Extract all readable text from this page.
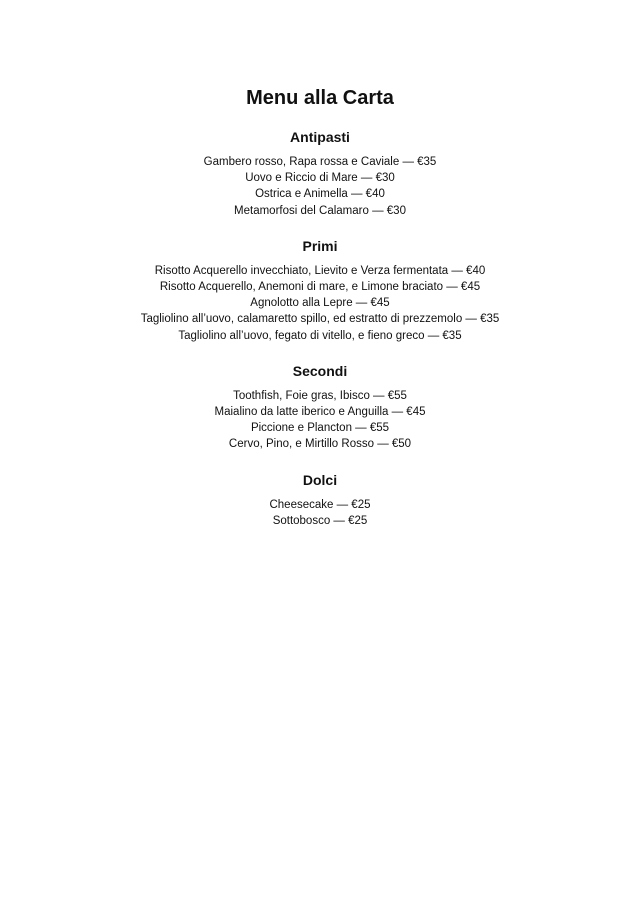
Menu alla Carta
Antipasti
Gambero rosso, Rapa rossa e Caviale — €35
Uovo e Riccio di Mare — €30
Ostrica e Animella — €40
Metamorfosi del Calamaro — €30
Primi
Risotto Acquerello invecchiato, Lievito e Verza fermentata — €40
Risotto Acquerello, Anemoni di mare, e Limone braciato — €45
Agnolotto alla Lepre — €45
Tagliolino all’uovo, calamaretto spillo, ed estratto di prezzemolo — €35
Tagliolino all’uovo, fegato di vitello, e fieno greco — €35
Secondi
Toothfish, Foie gras, Ibisco — €55
Maialino da latte iberico e Anguilla — €45
Piccione e Plancton — €55
Cervo, Pino, e Mirtillo Rosso — €50
Dolci
Cheesecake — €25
Sottobosco — €25
